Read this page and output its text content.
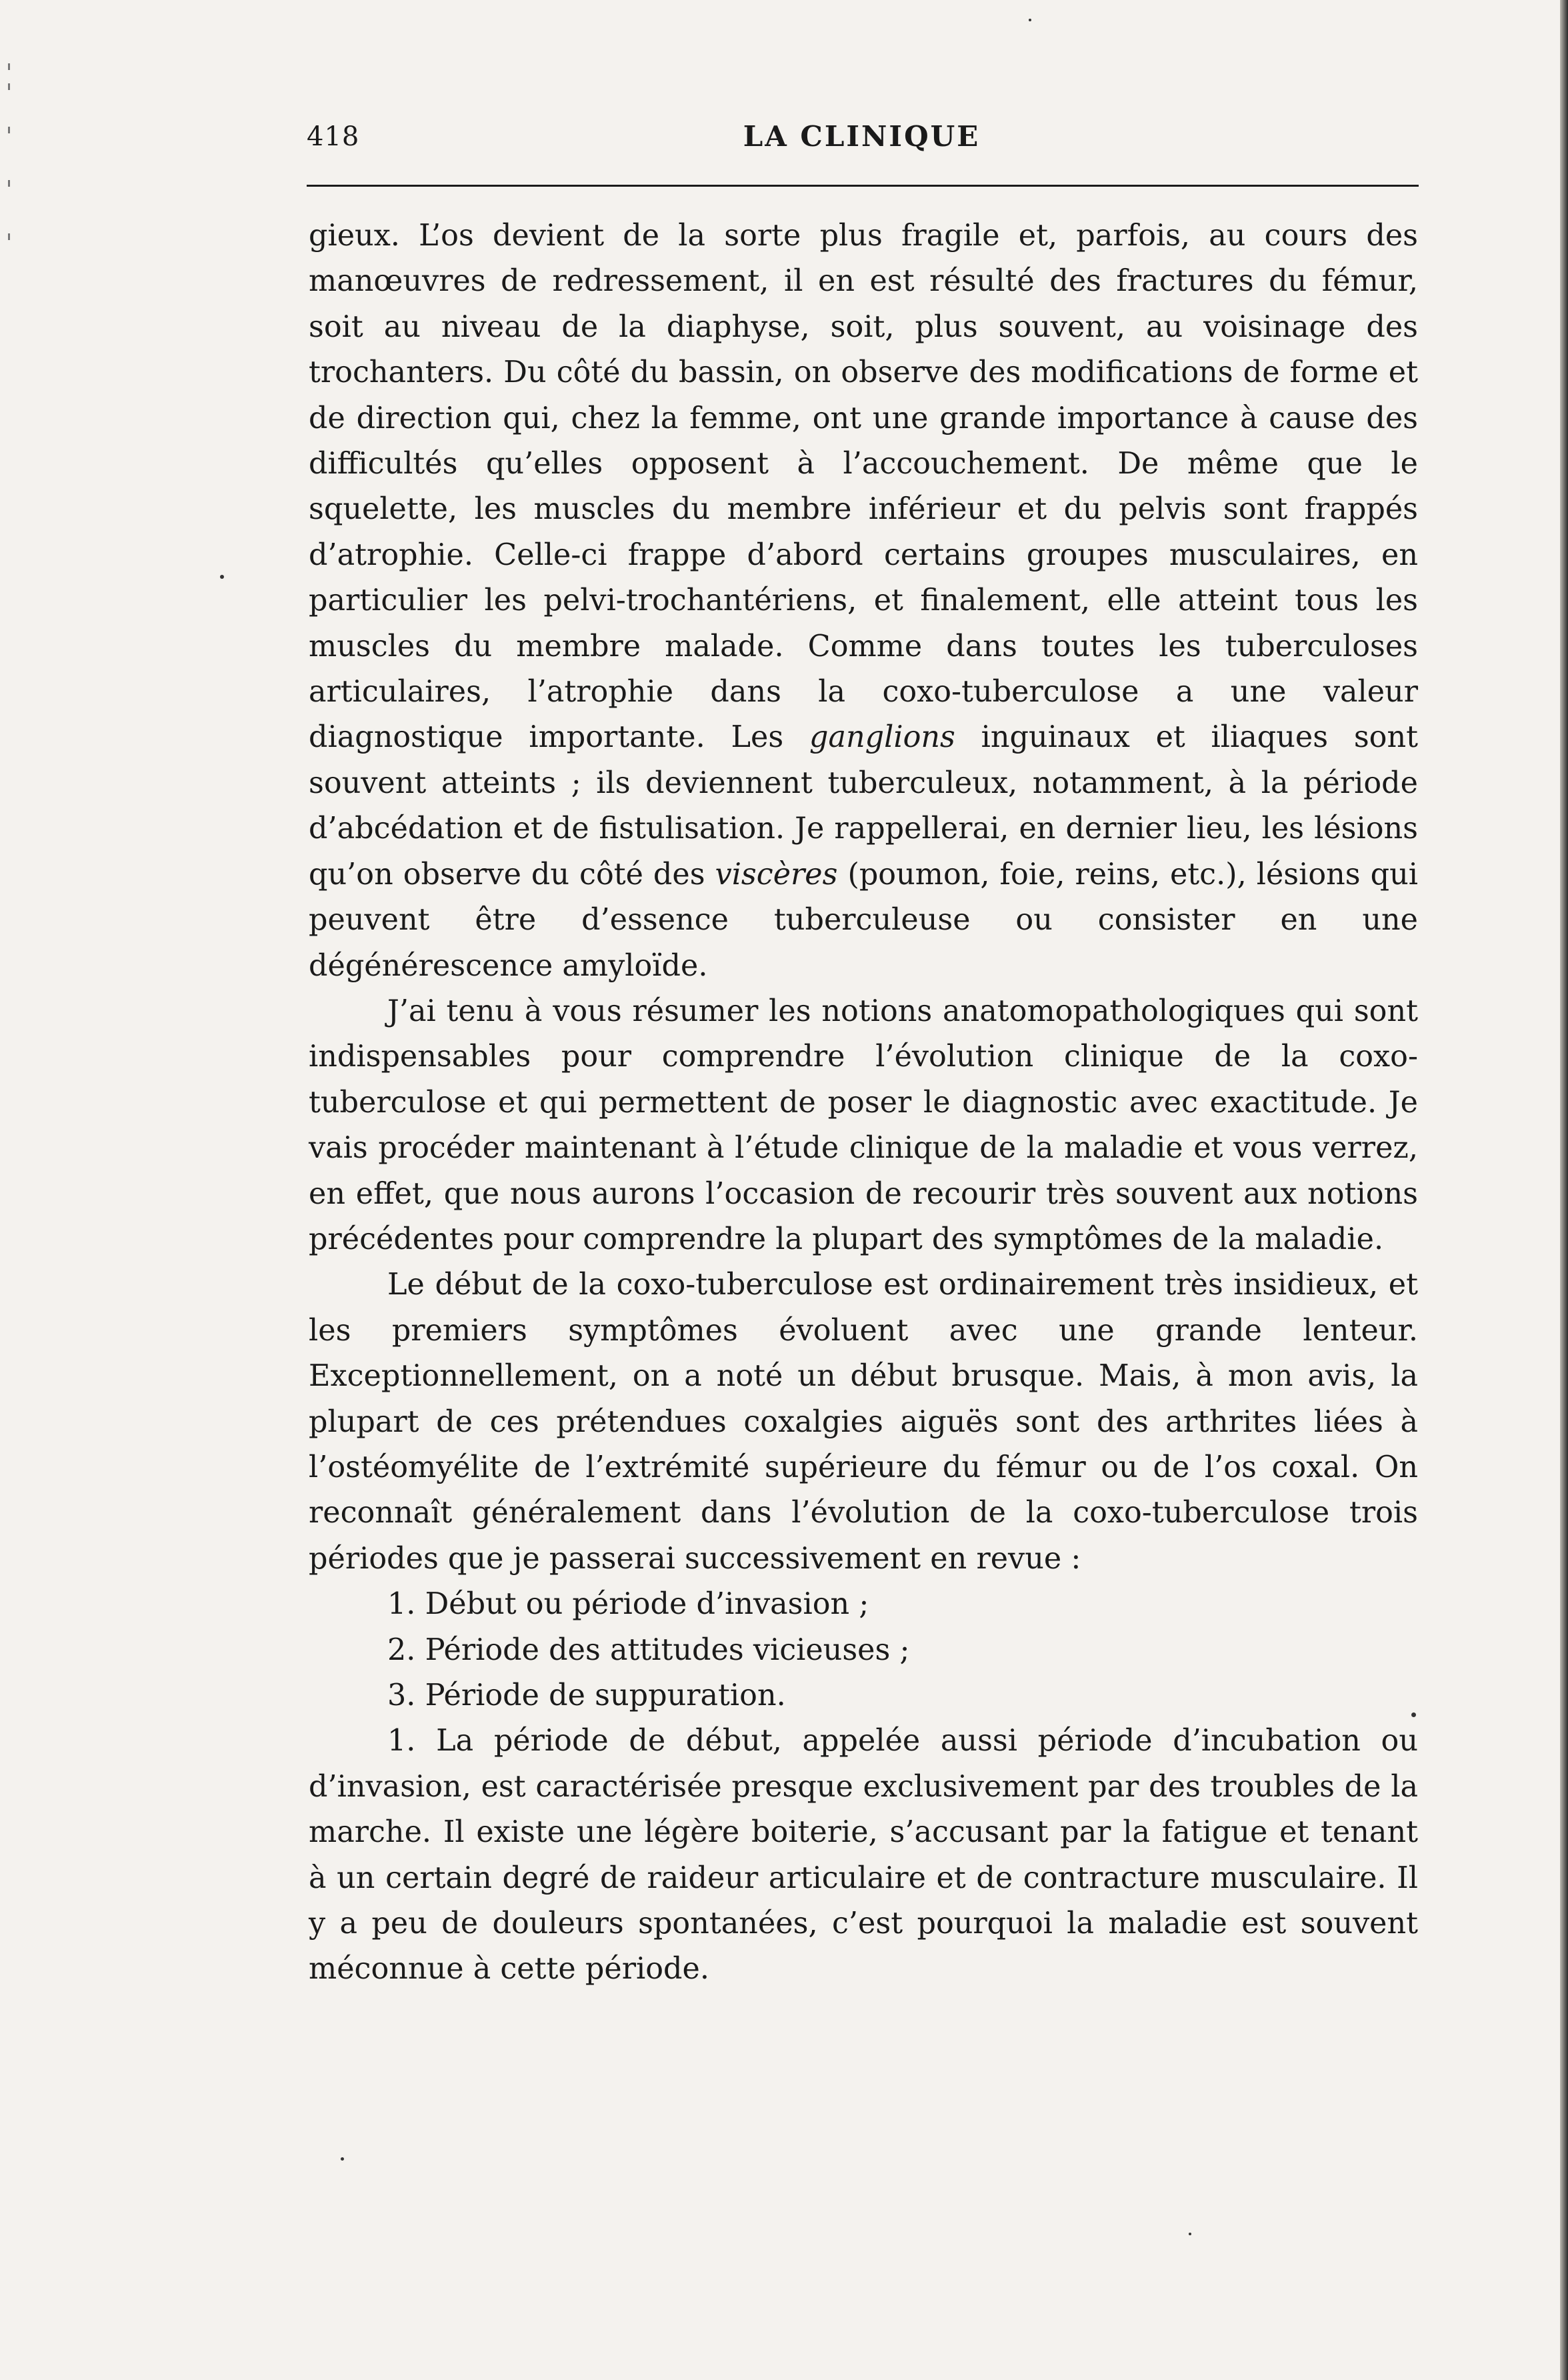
418	LA CLINIQUE

gieux. L’os devient de la sorte plus fragile et, parfois, au cours des manœuvres de redressement, il en est résulté des fractures du fémur, soit au niveau de la diaphyse, soit, plus souvent, au voisinage des trochanters. Du côté du bassin, on observe des modifications de forme et de direction qui, chez la femme, ont une grande importance à cause des difficultés qu’elles opposent à l’accouchement. De même que le squelette, les muscles du membre inférieur et du pelvis sont frappés d’atrophie. Celle-ci frappe d’abord certains groupes musculaires, en particulier les pelvi-trochantériens, et finalement, elle atteint tous les muscles du membre malade. Comme dans toutes les tuberculoses articulaires, l’atrophie dans la coxo-tuberculose a une valeur diagnostique importante. Les ganglions inguinaux et iliaques sont souvent atteints ; ils deviennent tuberculeux, notamment, à la période d’abcédation et de fistulisation. Je rappellerai, en dernier lieu, les lésions qu’on observe du côté des viscères (poumon, foie, reins, etc.), lésions qui peuvent être d’essence tuberculeuse ou consister en une dégénérescence amyloïde.

J’ai tenu à vous résumer les notions anatomopathologiques qui sont indispensables pour comprendre l’évolution clinique de la coxo-tuberculose et qui permettent de poser le diagnostic avec exactitude. Je vais procéder maintenant à l’étude clinique de la maladie et vous verrez, en effet, que nous aurons l’occasion de recourir très souvent aux notions précédentes pour comprendre la plupart des symptômes de la maladie.

Le début de la coxo-tuberculose est ordinairement très insidieux, et les premiers symptômes évoluent avec une grande lenteur. Exceptionnellement, on a noté un début brusque. Mais, à mon avis, la plupart de ces prétendues coxalgies aiguës sont des arthrites liées à l’ostéomyélite de l’extrémité supérieure du fémur ou de l’os coxal. On reconnaît généralement dans l’évolution de la coxo-tuberculose trois périodes que je passerai successivement en revue :

1. Début ou période d’invasion ;

2. Période des attitudes vicieuses ;

3. Période de suppuration.

1. La période de début, appelée aussi période d’incubation ou d’invasion, est caractérisée presque exclusivement par des troubles de la marche. Il existe une légère boiterie, s’accusant par la fatigue et tenant à un certain degré de raideur articulaire et de contracture musculaire. Il y a peu de douleurs spontanées, c’est pourquoi la maladie est souvent méconnue à cette période.
